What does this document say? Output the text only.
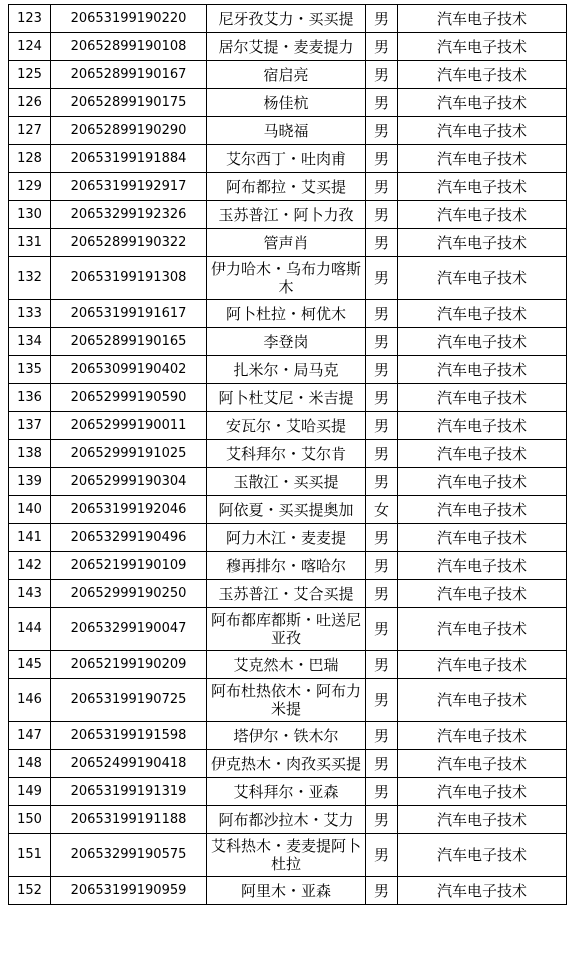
123	20653199190220	尼牙孜艾力・买买提	男	汽车电子技术
124	20652899190108	居尔艾提・麦麦提力	男	汽车电子技术
125	20652899190167	宿启亮	男	汽车电子技术
126	20652899190175	杨佳杭	男	汽车电子技术
127	20652899190290	马晓福	男	汽车电子技术
128	20653199191884	艾尔西丁・吐肉甫	男	汽车电子技术
129	20653199192917	阿布都拉・艾买提	男	汽车电子技术
130	20653299192326	玉苏普江・阿卜力孜	男	汽车电子技术
131	20652899190322	管声肖	男	汽车电子技术
132	20653199191308	伊力哈木・乌布力喀斯木	男	汽车电子技术
133	20653199191617	阿卜杜拉・柯优木	男	汽车电子技术
134	20652899190165	李登岗	男	汽车电子技术
135	20653099190402	扎米尔・局马克	男	汽车电子技术
136	20652999190590	阿卜杜艾尼・米吉提	男	汽车电子技术
137	20652999190011	安瓦尔・艾哈买提	男	汽车电子技术
138	20652999191025	艾科拜尔・艾尔肯	男	汽车电子技术
139	20652999190304	玉散江・买买提	男	汽车电子技术
140	20653199192046	阿依夏・买买提奥加	女	汽车电子技术
141	20653299190496	阿力木江・麦麦提	男	汽车电子技术
142	20652199190109	穆再排尔・喀哈尔	男	汽车电子技术
143	20652999190250	玉苏普江・艾合买提	男	汽车电子技术
144	20653299190047	阿布都库都斯・吐送尼亚孜	男	汽车电子技术
145	20652199190209	艾克然木・巴瑞	男	汽车电子技术
146	20653199190725	阿布杜热依木・阿布力米提	男	汽车电子技术
147	20653199191598	塔伊尔・铁木尔	男	汽车电子技术
148	20652499190418	伊克热木・肉孜买买提	男	汽车电子技术
149	20653199191319	艾科拜尔・亚森	男	汽车电子技术
150	20653199191188	阿布都沙拉木・艾力	男	汽车电子技术
151	20653299190575	艾科热木・麦麦提阿卜杜拉	男	汽车电子技术
152	20653199190959	阿里木・亚森	男	汽车电子技术
